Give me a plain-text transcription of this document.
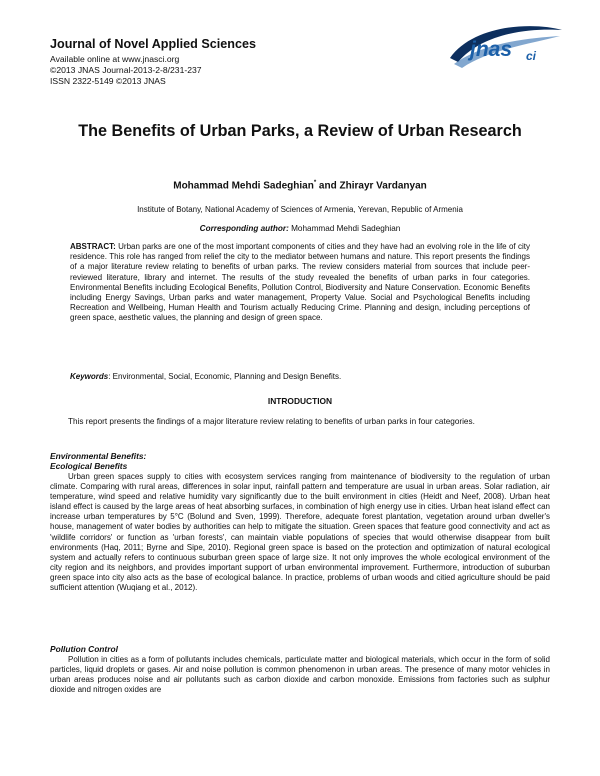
Journal of Novel Applied Sciences
Available online at www.jnasci.org
©2013 JNAS Journal-2013-2-8/231-237
ISSN 2322-5149 ©2013 JNAS
jnas ci
The Benefits of Urban Parks, a Review of Urban Research
Mohammad Mehdi Sadeghian* and Zhirayr Vardanyan
Institute of Botany, National Academy of Sciences of Armenia, Yerevan, Republic of Armenia
Corresponding author: Mohammad Mehdi Sadeghian

ABSTRACT: Urban parks are one of the most important components of cities and they have had an evolving role in the life of city residence. This role has ranged from relief the city to the mediator between humans and nature. This report presents the findings of a major literature review relating to benefits of urban parks. The review considers material from sources that include peer-reviewed literature, library and internet. The results of the study revealed the benefits of urban parks in four categories. Environmental Benefits including Ecological Benefits, Pollution Control, Biodiversity and Nature Conservation. Economic Benefits including Energy Savings, Urban parks and water management, Property Value. Social and Psychological Benefits including Recreation and Wellbeing, Human Health and Tourism actually Reducing Crime. Planning and design, including perceptions of green space, aesthetic values, the planning and design of green space.

Keywords: Environmental, Social, Economic, Planning and Design Benefits.

INTRODUCTION

This report presents the findings of a major literature review relating to benefits of urban parks in four categories.

Environmental Benefits:
Ecological Benefits

Urban green spaces supply to cities with ecosystem services ranging from maintenance of biodiversity to the regulation of urban climate. Comparing with rural areas, differences in solar input, rainfall pattern and temperature are usual in urban areas. Solar radiation, air temperature, wind speed and relative humidity vary significantly due to the built environment in cities (Heidt and Neef, 2008). Urban heat island effect is caused by the large areas of heat absorbing surfaces, in combination of high energy use in cities. Urban heat island effect can increase urban temperatures by 5°C (Bolund and Sven, 1999). Therefore, adequate forest plantation, vegetation around urban dweller's house, management of water bodies by authorities can help to mitigate the situation. Green spaces that feature good connectivity and act as 'wildlife corridors' or function as 'urban forests', can maintain viable populations of species that would otherwise disappear from built environments (Haq, 2011; Byrne and Sipe, 2010). Regional green space is based on the protection and optimization of natural ecological system and actually refers to continuous suburban green space of large size. It not only improves the whole ecological environment of the city region and its neighbors, and provides important support of urban environmental improvement. Furthermore, introduction of suburban green space into city also acts as the base of ecological balance. In practice, problems of urban woods and citied agriculture should be paid sufficient attention (Wuqiang et al., 2012).

Pollution Control

Pollution in cities as a form of pollutants includes chemicals, particulate matter and biological materials, which occur in the form of solid particles, liquid droplets or gases. Air and noise pollution is common phenomenon in urban areas. The presence of many motor vehicles in urban areas produces noise and air pollutants such as carbon dioxide and carbon monoxide. Emissions from factories such as sulphur dioxide and nitrogen oxides are
